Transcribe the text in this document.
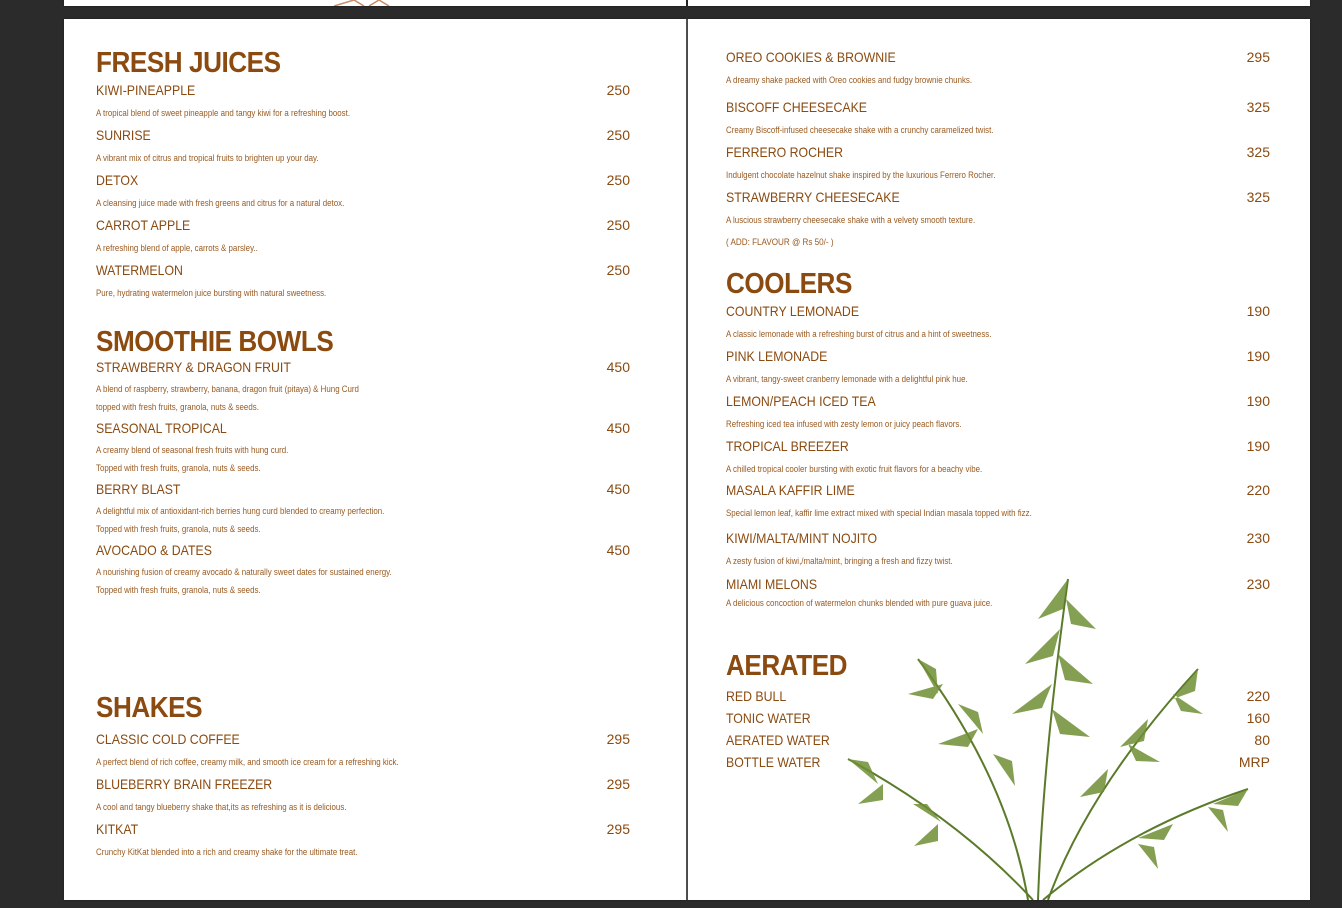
FRESH JUICES
KIWI-PINEAPPLE	250
A tropical blend of sweet pineapple and tangy kiwi for a refreshing boost.
SUNRISE	250
A vibrant mix of citrus and tropical fruits to brighten up your day.
DETOX	250
A cleansing juice made with fresh greens and citrus for a natural detox.
CARROT APPLE	250
A refreshing blend of apple, carrots & parsley..
WATERMELON	250
Pure, hydrating watermelon juice bursting with natural sweetness.
SMOOTHIE BOWLS
STRAWBERRY & DRAGON FRUIT	450
A blend of raspberry, strawberry, banana, dragon fruit (pitaya) & Hung Curd
topped with fresh fruits, granola, nuts & seeds.
SEASONAL TROPICAL	450
A creamy blend of seasonal fresh fruits with hung curd.
Topped with fresh fruits, granola, nuts & seeds.
BERRY BLAST	450
A delightful mix of antioxidant-rich berries hung curd blended to creamy perfection.
Topped with fresh fruits, granola, nuts & seeds.
AVOCADO & DATES	450
A nourishing fusion of creamy avocado & naturally sweet dates for sustained energy.
Topped with fresh fruits, granola, nuts & seeds.
SHAKES
CLASSIC COLD COFFEE	295
A perfect blend of rich coffee, creamy milk, and smooth ice cream for a refreshing kick.
BLUEBERRY BRAIN FREEZER	295
A cool and tangy blueberry shake that,its as refreshing as it is delicious.
KITKAT	295
Crunchy KitKat blended into a rich and creamy shake for the ultimate treat.
OREO COOKIES & BROWNIE	295
A dreamy shake packed with Oreo cookies and fudgy brownie chunks.
BISCOFF CHEESECAKE	325
Creamy Biscoff-infused cheesecake shake with a crunchy caramelized twist.
FERRERO ROCHER	325
Indulgent chocolate hazelnut shake inspired by the luxurious Ferrero Rocher.
STRAWBERRY CHEESECAKE	325
A luscious strawberry cheesecake shake with a velvety smooth texture.
( ADD: FLAVOUR @ Rs 50/- )
COOLERS
COUNTRY LEMONADE	190
A classic lemonade with a refreshing burst of citrus and a hint of sweetness.
PINK LEMONADE	190
A vibrant, tangy-sweet cranberry lemonade with a delightful pink hue.
LEMON/PEACH ICED TEA	190
Refreshing iced tea infused with zesty lemon or juicy peach flavors.
TROPICAL BREEZER	190
A chilled tropical cooler bursting with exotic fruit flavors for a beachy vibe.
MASALA KAFFIR LIME	220
Special lemon leaf, kaffir lime extract mixed with special Indian masala topped with fizz.
KIWI/MALTA/MINT NOJITO	230
A zesty fusion of kiwi,/malta/mint, bringing a fresh and fizzy twist.
MIAMI MELONS	230
A delicious concoction of watermelon chunks blended with pure guava juice.
AERATED
RED BULL	220
TONIC WATER	160
AERATED WATER	80
BOTTLE WATER	MRP
